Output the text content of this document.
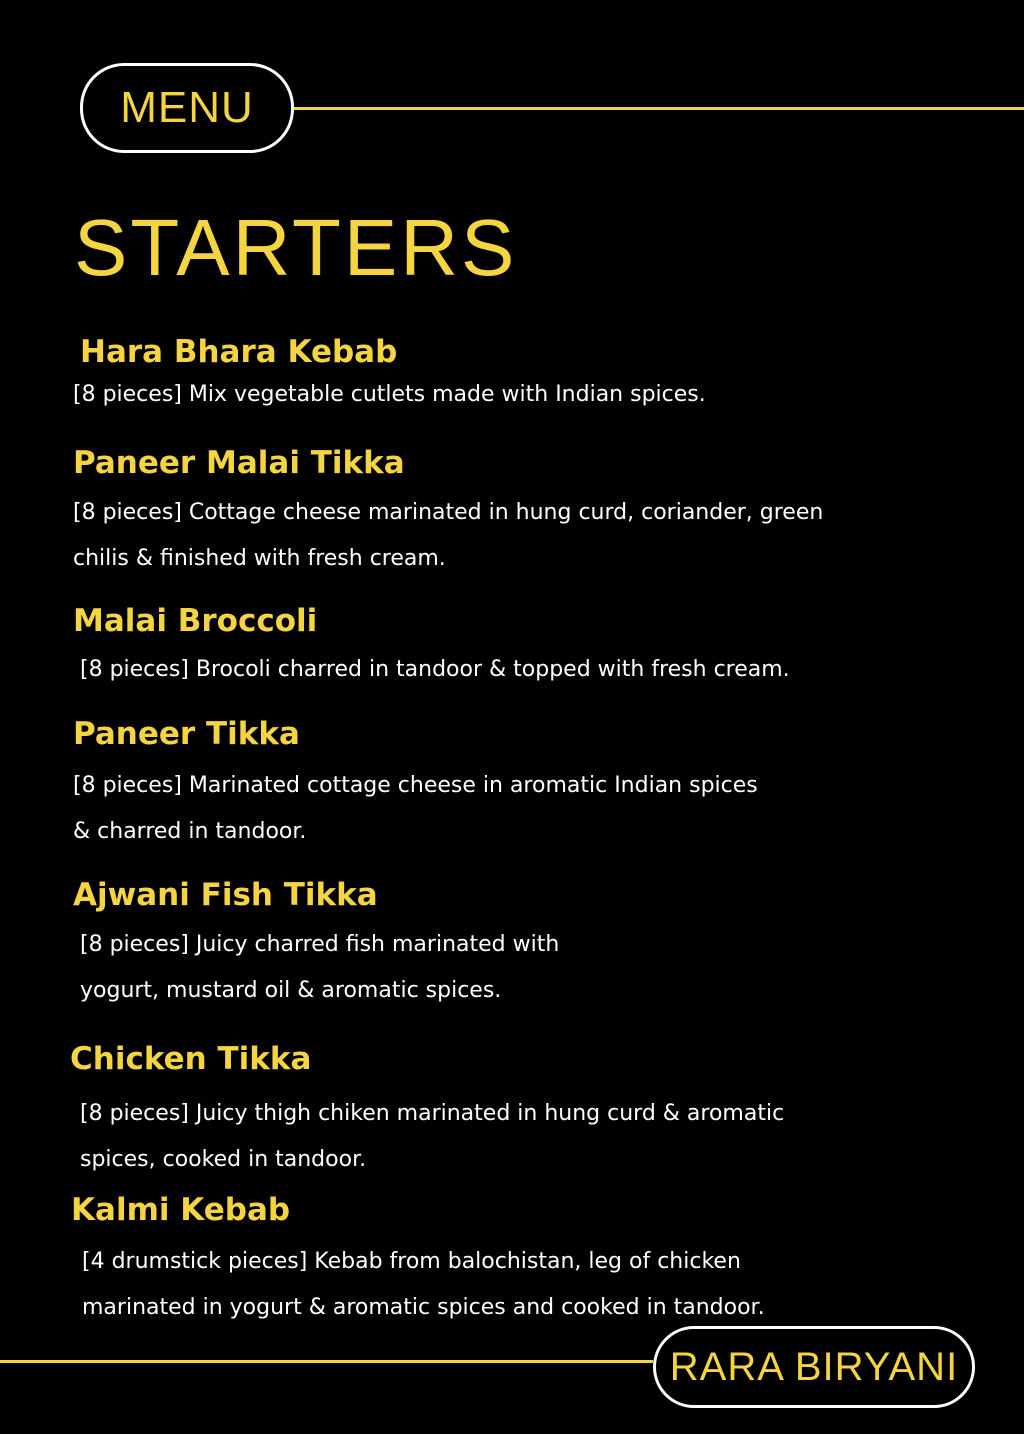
MENU
STARTERS
Hara Bhara Kebab
[8 pieces] Mix vegetable cutlets made with Indian spices.
Paneer Malai Tikka
[8 pieces] Cottage cheese marinated in hung curd, coriander, green
chilis & finished with fresh cream.
Malai Broccoli
[8 pieces] Brocoli charred in tandoor & topped with fresh cream.
Paneer Tikka
[8 pieces] Marinated cottage cheese in aromatic Indian spices
& charred in tandoor.
Ajwani Fish Tikka
[8 pieces] Juicy charred fish marinated with
yogurt, mustard oil & aromatic spices.
Chicken Tikka
[8 pieces] Juicy thigh chiken marinated in hung curd & aromatic
spices, cooked in tandoor.
Kalmi Kebab
[4 drumstick pieces] Kebab from balochistan, leg of chicken
marinated in yogurt & aromatic spices and cooked in tandoor.
RARA BIRYANI
